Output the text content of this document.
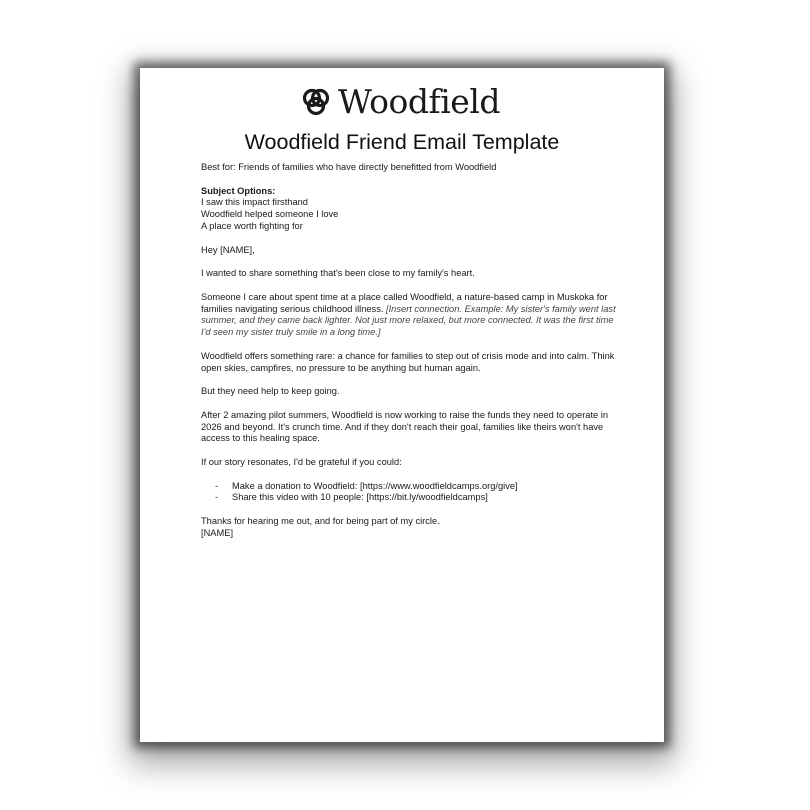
Woodfield
Woodfield Friend Email Template

Best for: Friends of families who have directly benefitted from Woodfield

Subject Options:
I saw this impact firsthand
Woodfield helped someone I love
A place worth fighting for

Hey [NAME],

I wanted to share something that's been close to my family's heart.

Someone I care about spent time at a place called Woodfield, a nature-based camp in Muskoka for families navigating serious childhood illness. [Insert connection. Example: My sister's family went last summer, and they came back lighter. Not just more relaxed, but more connected. It was the first time I'd seen my sister truly smile in a long time.]

Woodfield offers something rare: a chance for families to step out of crisis mode and into calm. Think open skies, campfires, no pressure to be anything but human again.

But they need help to keep going.

After 2 amazing pilot summers, Woodfield is now working to raise the funds they need to operate in 2026 and beyond. It's crunch time. And if they don't reach their goal, families like theirs won't have access to this healing space.

If our story resonates, I'd be grateful if you could:

- Make a donation to Woodfield: [https://www.woodfieldcamps.org/give]
- Share this video with 10 people: [https://bit.ly/woodfieldcamps]

Thanks for hearing me out, and for being part of my circle.
[NAME]
